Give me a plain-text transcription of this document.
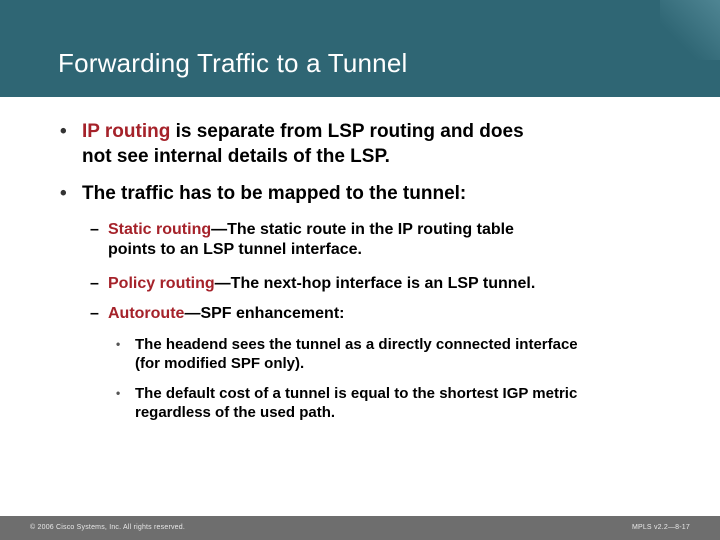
Forwarding Traffic to a Tunnel
• IP routing is separate from LSP routing and does
not see internal details of the LSP.
• The traffic has to be mapped to the tunnel:
– Static routing—The static route in the IP routing table
points to an LSP tunnel interface.
– Policy routing—The next-hop interface is an LSP tunnel.
– Autoroute—SPF enhancement:
• The headend sees the tunnel as a directly connected interface
(for modified SPF only).
• The default cost of a tunnel is equal to the shortest IGP metric
regardless of the used path.
© 2006 Cisco Systems, Inc. All rights reserved.	MPLS v2.2—8-17
